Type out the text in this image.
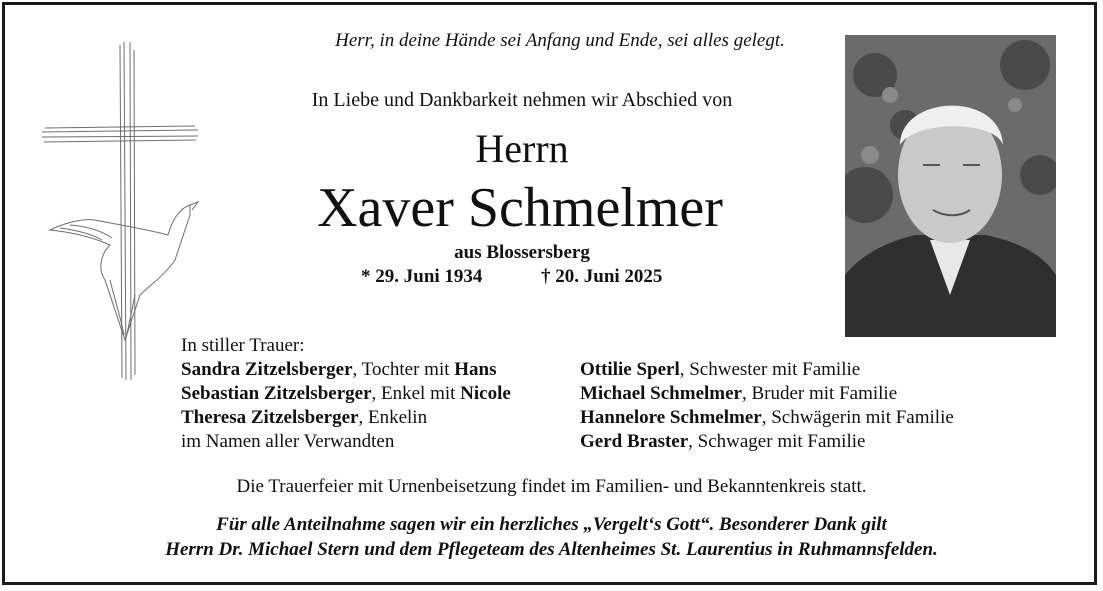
Herr, in deine Hände sei Anfang und Ende, sei alles gelegt.
In Liebe und Dankbarkeit nehmen wir Abschied von
Herrn
Xaver Schmelmer
aus Blossersberg
* 29. Juni 1934	† 20. Juni 2025
In stiller Trauer:
Sandra Zitzelsberger, Tochter mit Hans
Sebastian Zitzelsberger, Enkel mit Nicole
Theresa Zitzelsberger, Enkelin
im Namen aller Verwandten
Ottilie Sperl, Schwester mit Familie
Michael Schmelmer, Bruder mit Familie
Hannelore Schmelmer, Schwägerin mit Familie
Gerd Braster, Schwager mit Familie
Die Trauerfeier mit Urnenbeisetzung findet im Familien- und Bekanntenkreis statt.
Für alle Anteilnahme sagen wir ein herzliches „Vergelt‘s Gott“. Besonderer Dank gilt
Herrn Dr. Michael Stern und dem Pflegeteam des Altenheimes St. Laurentius in Ruhmannsfelden.
